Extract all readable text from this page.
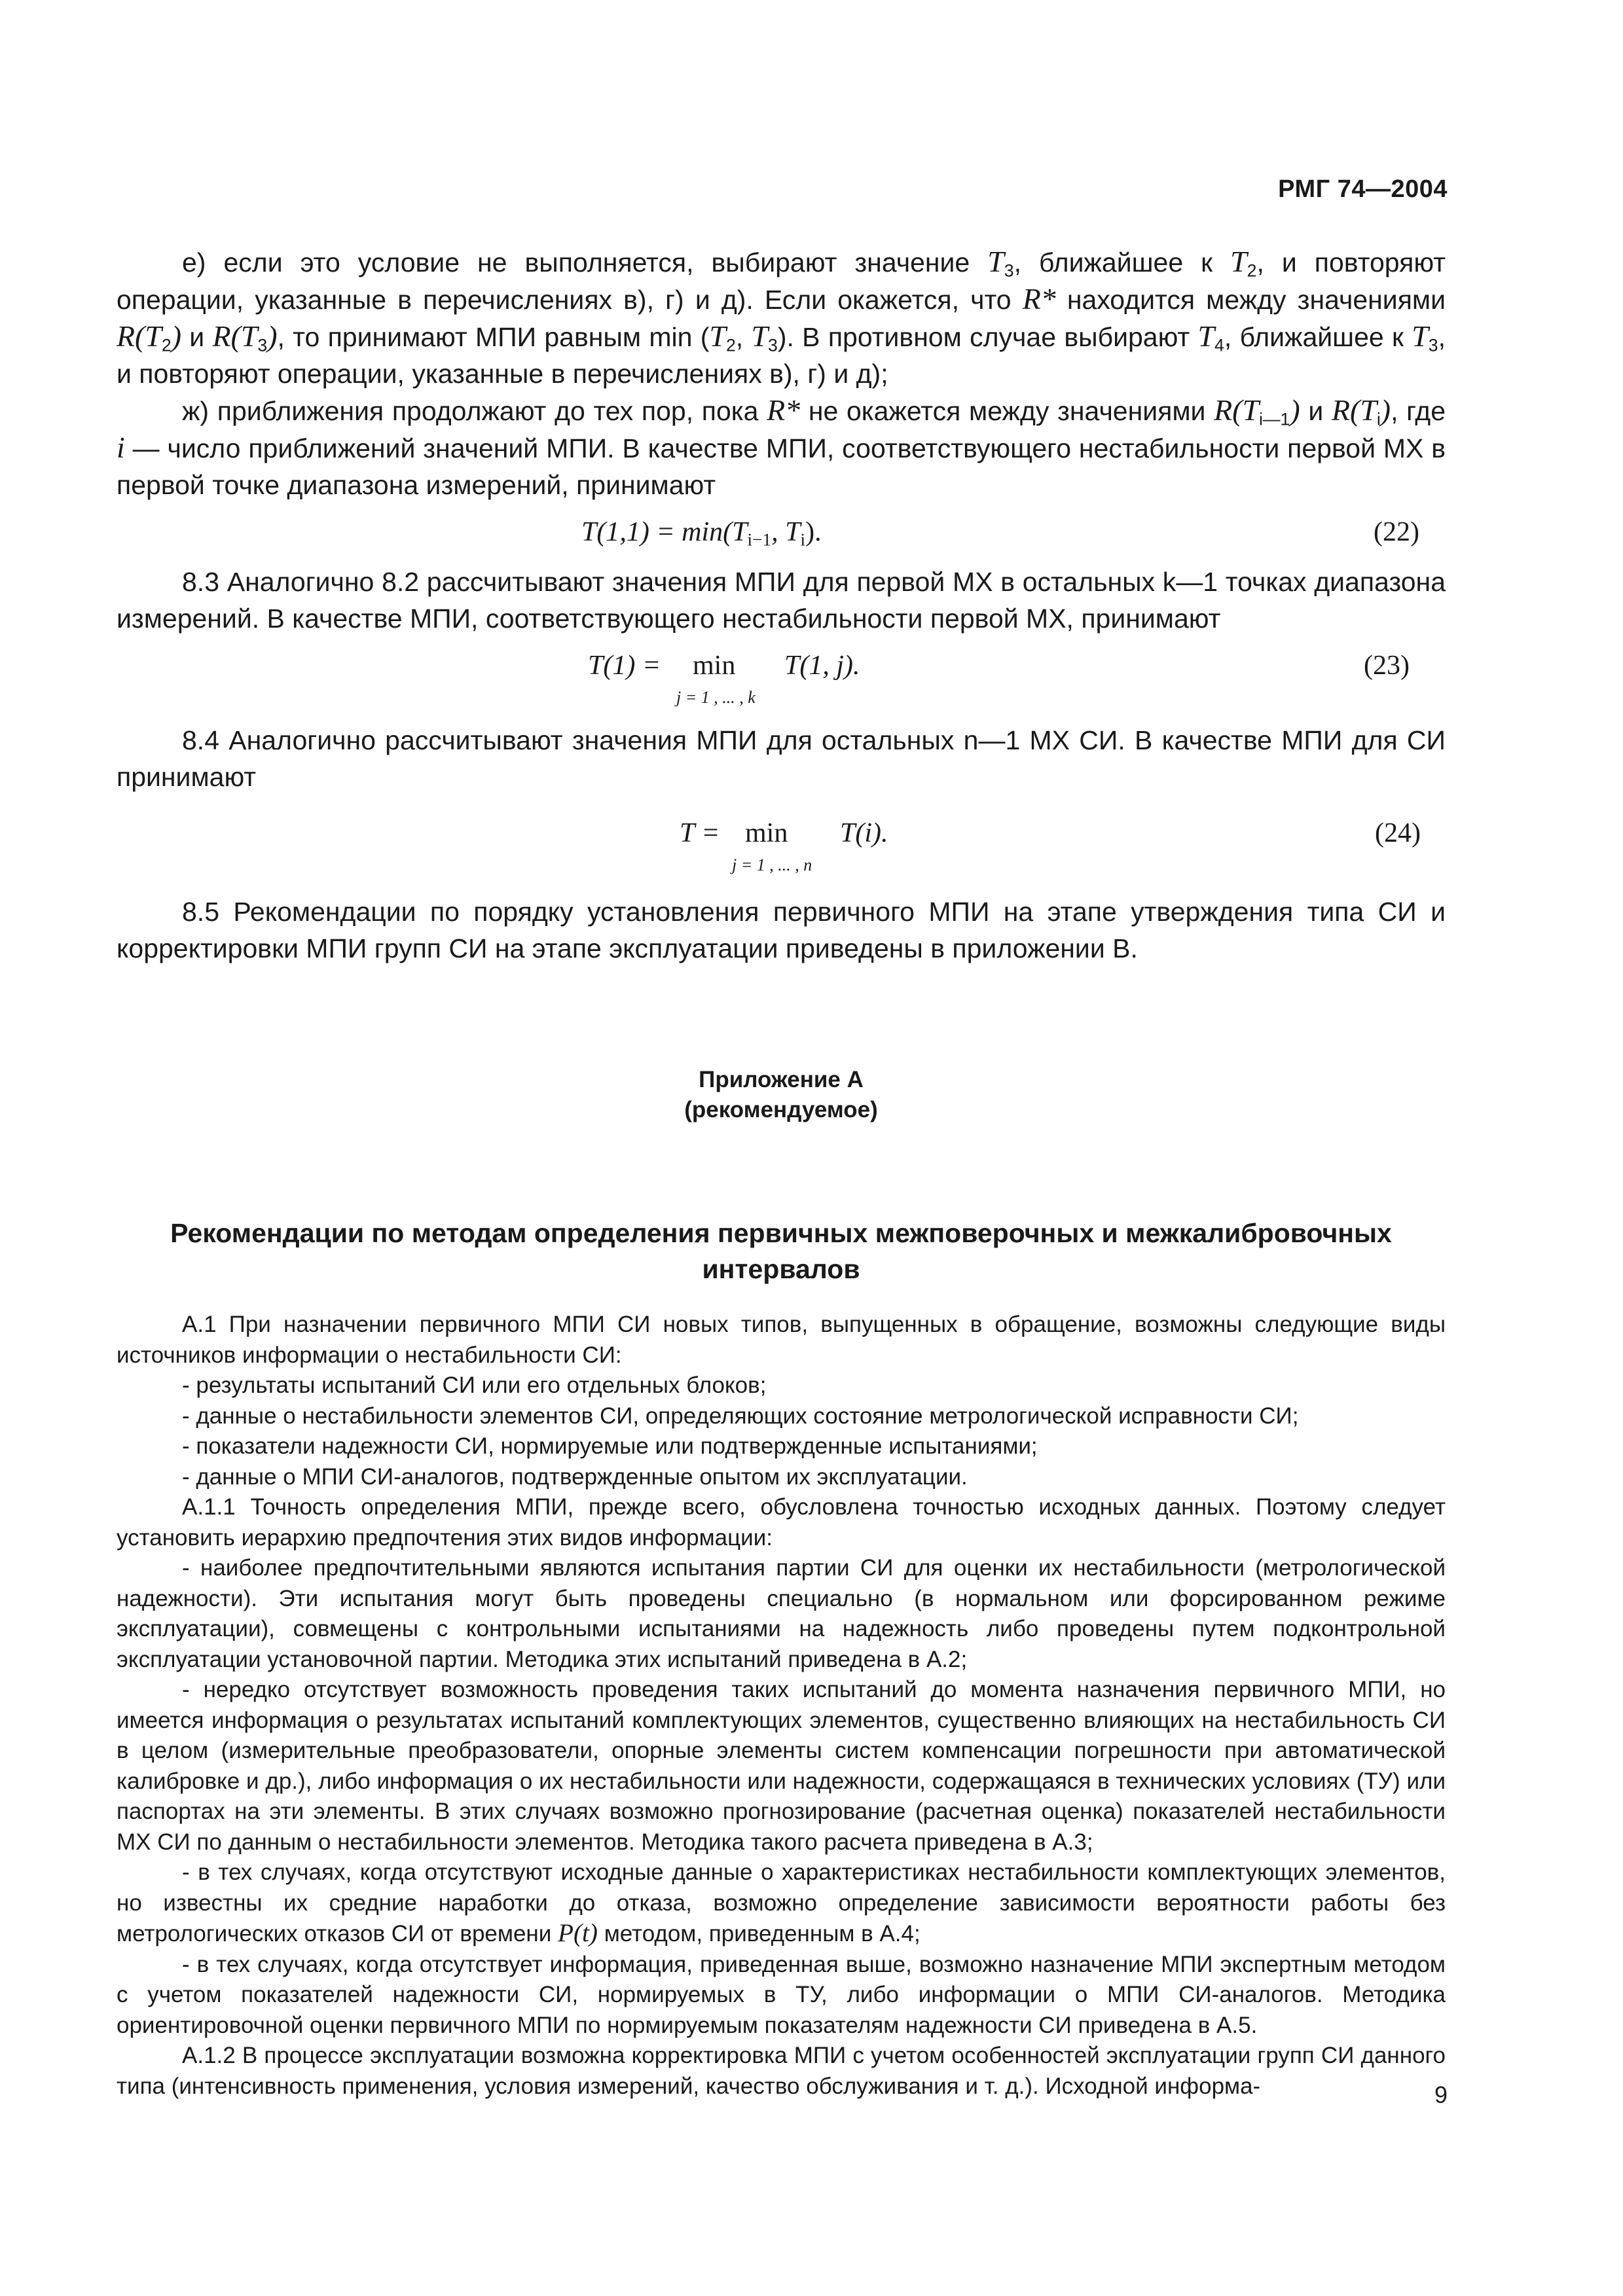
РМГ 74—2004

е) если это условие не выполняется, выбирают значение $T_3$, ближайшее к $T_2$, и повторяют операции, указанные в перечислениях в), г) и д). Если окажется, что R* находится между значениями $R(T_2)$ и $R(T_3)$, то принимают МПИ равным $\min (T_2$, $T_3$). В противном случае выбирают $T_4$, ближайшее к $T_3$, и повторяют операции, указанные в перечислениях в), г) и д);

ж) приближения продолжают до тех пор, пока R* не окажется между значениями $R(T_{i—1})$ и $R(T_i)$, где i — число приближений значений МПИ. В качестве МПИ, соответствующего нестабильности первой МХ в первой точке диапазона измерений, принимают

$T(1,1) = \min(T_{i-1}$, $T_i$).	(22)

8.3 Аналогично 8.2 рассчитывают значения МПИ для первой МХ в остальных k—1 точках диапазона измерений. В качестве МПИ, соответствующего нестабильности первой МХ, принимают

T(1) = min
j = 1 , ... , k
T(1, j).	(23)

8.4 Аналогично рассчитывают значения МПИ для остальных n—1 МХ СИ. В качестве МПИ для СИ принимают

T = min
j = 1 , ... , n
T(i).	(24)

8.5 Рекомендации по порядку установления первичного МПИ на этапе утверждения типа СИ и корректировки МПИ групп СИ на этапе эксплуатации приведены в приложении В.

Приложение А
(рекомендуемое)
Рекомендации по методам определения первичных межповерочных и межкалибровочных интервалов

А.1 При назначении первичного МПИ СИ новых типов, выпущенных в обращение, возможны следующие виды источников информации о нестабильности СИ:

- результаты испытаний СИ или его отдельных блоков;

- данные о нестабильности элементов СИ, определяющих состояние метрологической исправности СИ;

- показатели надежности СИ, нормируемые или подтвержденные испытаниями;

- данные о МПИ СИ-аналогов, подтвержденные опытом их эксплуатации.

А.1.1 Точность определения МПИ, прежде всего, обусловлена точностью исходных данных. Поэтому следует установить иерархию предпочтения этих видов информации:

- наиболее предпочтительными являются испытания партии СИ для оценки их нестабильности (метрологической надежности). Эти испытания могут быть проведены специально (в нормальном или форсированном режиме эксплуатации), совмещены с контрольными испытаниями на надежность либо проведены путем подконтрольной эксплуатации установочной партии. Методика этих испытаний приведена в А.2;

- нередко отсутствует возможность проведения таких испытаний до момента назначения первичного МПИ, но имеется информация о результатах испытаний комплектующих элементов, существенно влияющих на нестабильность СИ в целом (измерительные преобразователи, опорные элементы систем компенсации погрешности при автоматической калибровке и др.), либо информация о их нестабильности или надежности, содержащаяся в технических условиях (ТУ) или паспортах на эти элементы. В этих случаях возможно прогнозирование (расчетная оценка) показателей нестабильности МХ СИ по данным о нестабильности элементов. Методика такого расчета приведена в А.3;

- в тех случаях, когда отсутствуют исходные данные о характеристиках нестабильности комплектующих элементов, но известны их средние наработки до отказа, возможно определение зависимости вероятности работы без метрологических отказов СИ от времени P(t) методом, приведенным в А.4;

- в тех случаях, когда отсутствует информация, приведенная выше, возможно назначение МПИ экспертным методом с учетом показателей надежности СИ, нормируемых в ТУ, либо информации о МПИ СИ-аналогов. Методика ориентировочной оценки первичного МПИ по нормируемым показателям надежности СИ приведена в А.5.

А.1.2 В процессе эксплуатации возможна корректировка МПИ с учетом особенностей эксплуатации групп СИ данного типа (интенсивность применения, условия измерений, качество обслуживания и т. д.). Исходной информа-	9
